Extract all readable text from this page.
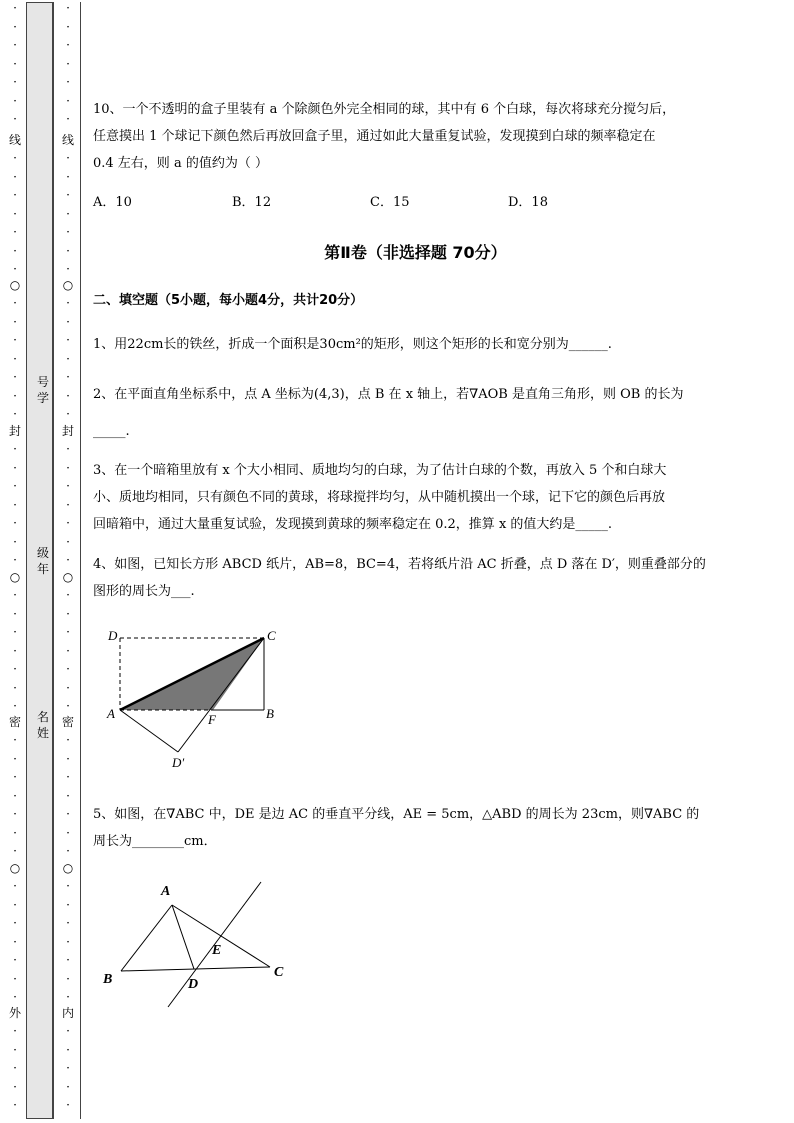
·
·
·
·
·
·
·
线
·
·
·
·
·
·
·
○
·
·
·
·
·
·
·
封
·
·
·
·
·
·
·
○
·
·
·
·
·
·
·
密
·
·
·
·
·
·
·
○
·
·
·
·
·
·
·
外
·
·
·
·
·
·
·
·
·
·
·
·
线
·
·
·
·
·
·
·
○
·
·
·
·
·
·
·
封
·
·
·
·
·
·
·
○
·
·
·
·
·
·
·
密
·
·
·
·
·
·
·
○
·
·
·
·
·
·
·
内
·
·
·
·
·
号学
级年
名姓
10、一个不透明的盒子里装有 a 个除颜色外完全相同的球，其中有 6 个白球，每次将球充分搅匀后，
任意摸出 1 个球记下颜色然后再放回盒子里，通过如此大量重复试验，发现摸到白球的频率稳定在
0.4 左右，则 a 的值约为（ ）
A．10	B．12	C．15	D．18
第Ⅱ卷（非选择题 70分）
二、填空题（5小题，每小题4分，共计20分）
1、用22cm长的铁丝，折成一个面积是30cm²的矩形，则这个矩形的长和宽分别为______.
2、在平面直角坐标系中，点 A 坐标为(4,3)，点 B 在 x 轴上，若∇AOB 是直角三角形，则 OB 的长为
_____.
3、在一个暗箱里放有 x 个大小相同、质地均匀的白球，为了估计白球的个数，再放入 5 个和白球大
小、质地均相同，只有颜色不同的黄球，将球搅拌均匀，从中随机摸出一个球，记下它的颜色后再放
回暗箱中，通过大量重复试验，发现摸到黄球的频率稳定在 0.2，推算 x 的值大约是_____.
4、如图，已知长方形 ABCD 纸片，AB=8，BC=4，若将纸片沿 AC 折叠，点 D 落在 D′，则重叠部分的
图形的周长为___.
5、如图，在∇ABC 中，DE 是边 AC 的垂直平分线，AE = 5cm，△ABD 的周长为 23cm，则∇ABC 的
周长为________cm．
D	C
A	B
F
D′
A
B	C
D
E
